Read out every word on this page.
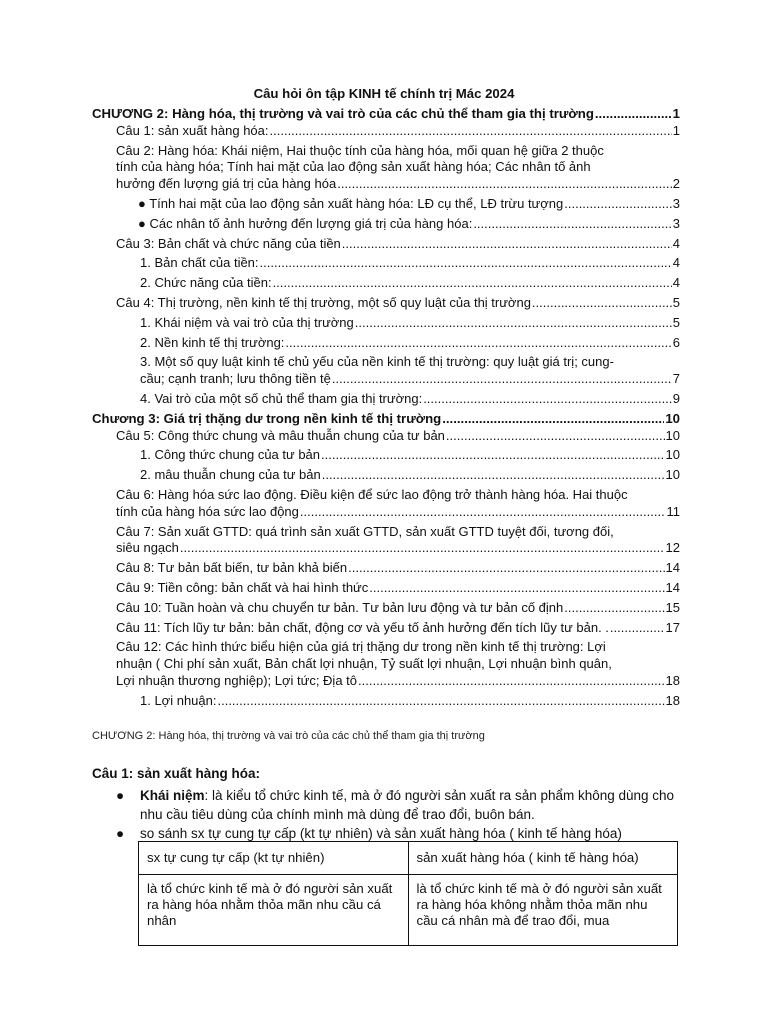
Câu hỏi ôn tập KINH tế chính trị Mác 2024
CHƯƠNG 2: Hàng hóa, thị trường và vai trò của các chủ thể tham gia thị trường .....	1
Câu 1: sản xuất hàng hóa: .....	1
Câu 2: Hàng hóa: Khái niệm, Hai thuộc tính của hàng hóa, mối quan hệ giữa 2 thuộc
tính của hàng hóa; Tính hai mặt của lao động sản xuất hàng hóa; Các nhân tố ảnh
hưởng đến lượng giá trị của hàng hóa .....	2
● Tính hai mặt của lao động sản xuất hàng hóa: LĐ cụ thể, LĐ trừu tượng .....	3
● Các nhân tố ảnh hưởng đến lượng giá trị của hàng hóa: .....	3
Câu 3: Bản chất và chức năng của tiền .....	4
1. Bản chất của tiền: .....	4
2. Chức năng của tiền: .....	4
Câu 4: Thị trường, nền kinh tế thị trường, một số quy luật của thị trường .....	5
1. Khái niệm và vai trò của thị trường .....	5
2. Nền kinh tế thị trường: .....	6
3. Một số quy luật kinh tế chủ yếu của nền kinh tế thị trường: quy luật giá trị; cung-
cầu; cạnh tranh; lưu thông tiền tệ .....	7
4. Vai trò của một số chủ thể tham gia thị trường: .....	9
Chương 3: Giá trị thặng dư trong nền kinh tế thị trường .....	10
Câu 5: Công thức chung và mâu thuẫn chung của tư bản .....	10
1. Công thức chung của tư bản .....	10
2. mâu thuẫn chung của tư bản .....	10
Câu 6: Hàng hóa sức lao động. Điều kiện để sức lao động trở thành hàng hóa. Hai thuộc
tính của hàng hóa sức lao động .....	11
Câu 7: Sản xuất GTTD: quá trình sản xuất GTTD, sản xuất GTTD tuyệt đối, tương đối,
siêu ngạch .....	12
Câu 8: Tư bản bất biến, tư bản khả biến .....	14
Câu 9: Tiền công: bản chất và hai hình thức .....	14
Câu 10: Tuần hoàn và chu chuyển tư bản. Tư bản lưu động và tư bản cố định .....	15
Câu 11: Tích lũy tư bản: bản chất, động cơ và yếu tố ảnh hưởng đến tích lũy tư bản. . .....	17
Câu 12: Các hình thức biểu hiện của giá trị thặng dư trong nền kinh tế thị trường: Lợi
nhuận ( Chi phí sản xuất, Bản chất lợi nhuận, Tỷ suất lợi nhuận, Lợi nhuận bình quân,
Lợi nhuận thương nghiệp); Lợi tức; Địa tô .....	18
1. Lợi nhuận: .....	18
CHƯƠNG 2: Hàng hóa, thị trường và vai trò của các chủ thể tham gia thị trường
Câu 1: sản xuất hàng hóa:
● Khái niệm: là kiểu tổ chức kinh tế, mà ở đó người sản xuất ra sản phẩm không dùng cho nhu cầu tiêu dùng của chính mình mà dùng để trao đổi, buôn bán.
● so sánh sx tự cung tự cấp (kt tự nhiên) và sản xuất hàng hóa ( kinh tế hàng hóa)
sx tự cung tự cấp (kt tự nhiên)	sản xuất hàng hóa ( kinh tế hàng hóa)
là tổ chức kinh tế mà ở đó người sản xuất ra hàng hóa nhằm thỏa mãn nhu cầu cá nhân	là tổ chức kinh tế mà ở đó người sản xuất ra hàng hóa không nhằm thỏa mãn nhu cầu cá nhân mà để trao đổi, mua
